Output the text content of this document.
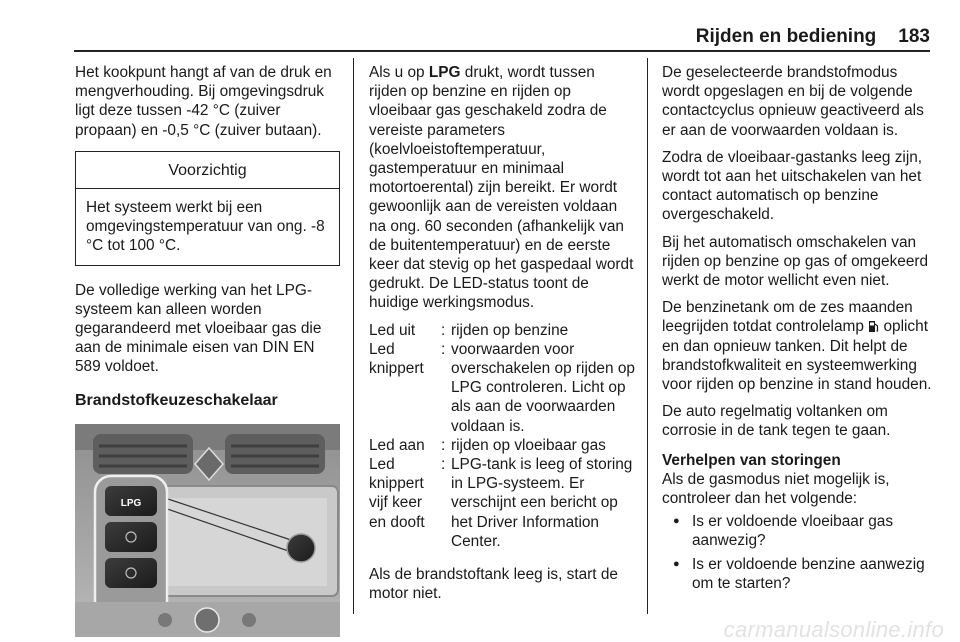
Rijden en bediening 183

Het kookpunt hangt af van de druk en mengverhouding. Bij omgevingsdruk ligt deze tussen -42 °C (zuiver propaan) en -0,5 °C (zuiver butaan).

Voorzichtig
Het systeem werkt bij een omgevingstemperatuur van ong. -8 °C tot 100 °C.

De volledige werking van het LPG-systeem kan alleen worden gegarandeerd met vloeibaar gas die aan de minimale eisen van DIN EN 589 voldoet.

Brandstofkeuzeschakelaar
LPG

Als u op LPG drukt, wordt tussen rijden op benzine en rijden op vloeibaar gas geschakeld zodra de vereiste parameters (koelvloeistoftemperatuur, gastemperatuur en minimaal motortoerental) zijn bereikt. Er wordt gewoonlijk aan de vereisten voldaan na ong. 60 seconden (afhankelijk van de buitentemperatuur) en de eerste keer dat stevig op het gaspedaal wordt gedrukt. De LED-status toont de huidige werkingsmodus.

Led uit	:	rijden op benzine
Led knippert	:	voorwaarden voor overschakelen op rijden op LPG controleren. Licht op als aan de voorwaarden voldaan is.
Led aan	:	rijden op vloeibaar gas
Led knippert vijf keer en dooft	:	LPG-tank is leeg of storing in LPG-systeem. Er verschijnt een bericht op het Driver Information Center.

Als de brandstoftank leeg is, start de motor niet.

De geselecteerde brandstofmodus wordt opgeslagen en bij de volgende contactcyclus opnieuw geactiveerd als er aan de voorwaarden voldaan is.

Zodra de vloeibaar-gastanks leeg zijn, wordt tot aan het uitschakelen van het contact automatisch op benzine overgeschakeld.

Bij het automatisch omschakelen van rijden op benzine op gas of omgekeerd werkt de motor wellicht even niet.

De benzinetank om de zes maanden leegrijden totdat controlelamp  oplicht en dan opnieuw tanken. Dit helpt de brandstofkwaliteit en systeemwerking voor rijden op benzine in stand houden.

De auto regelmatig voltanken om corrosie in de tank tegen te gaan.

Verhelpen van storingen

Als de gasmodus niet mogelijk is, controleer dan het volgende:

● Is er voldoende vloeibaar gas aanwezig?
● Is er voldoende benzine aanwezig om te starten?
carmanualsonline.info
